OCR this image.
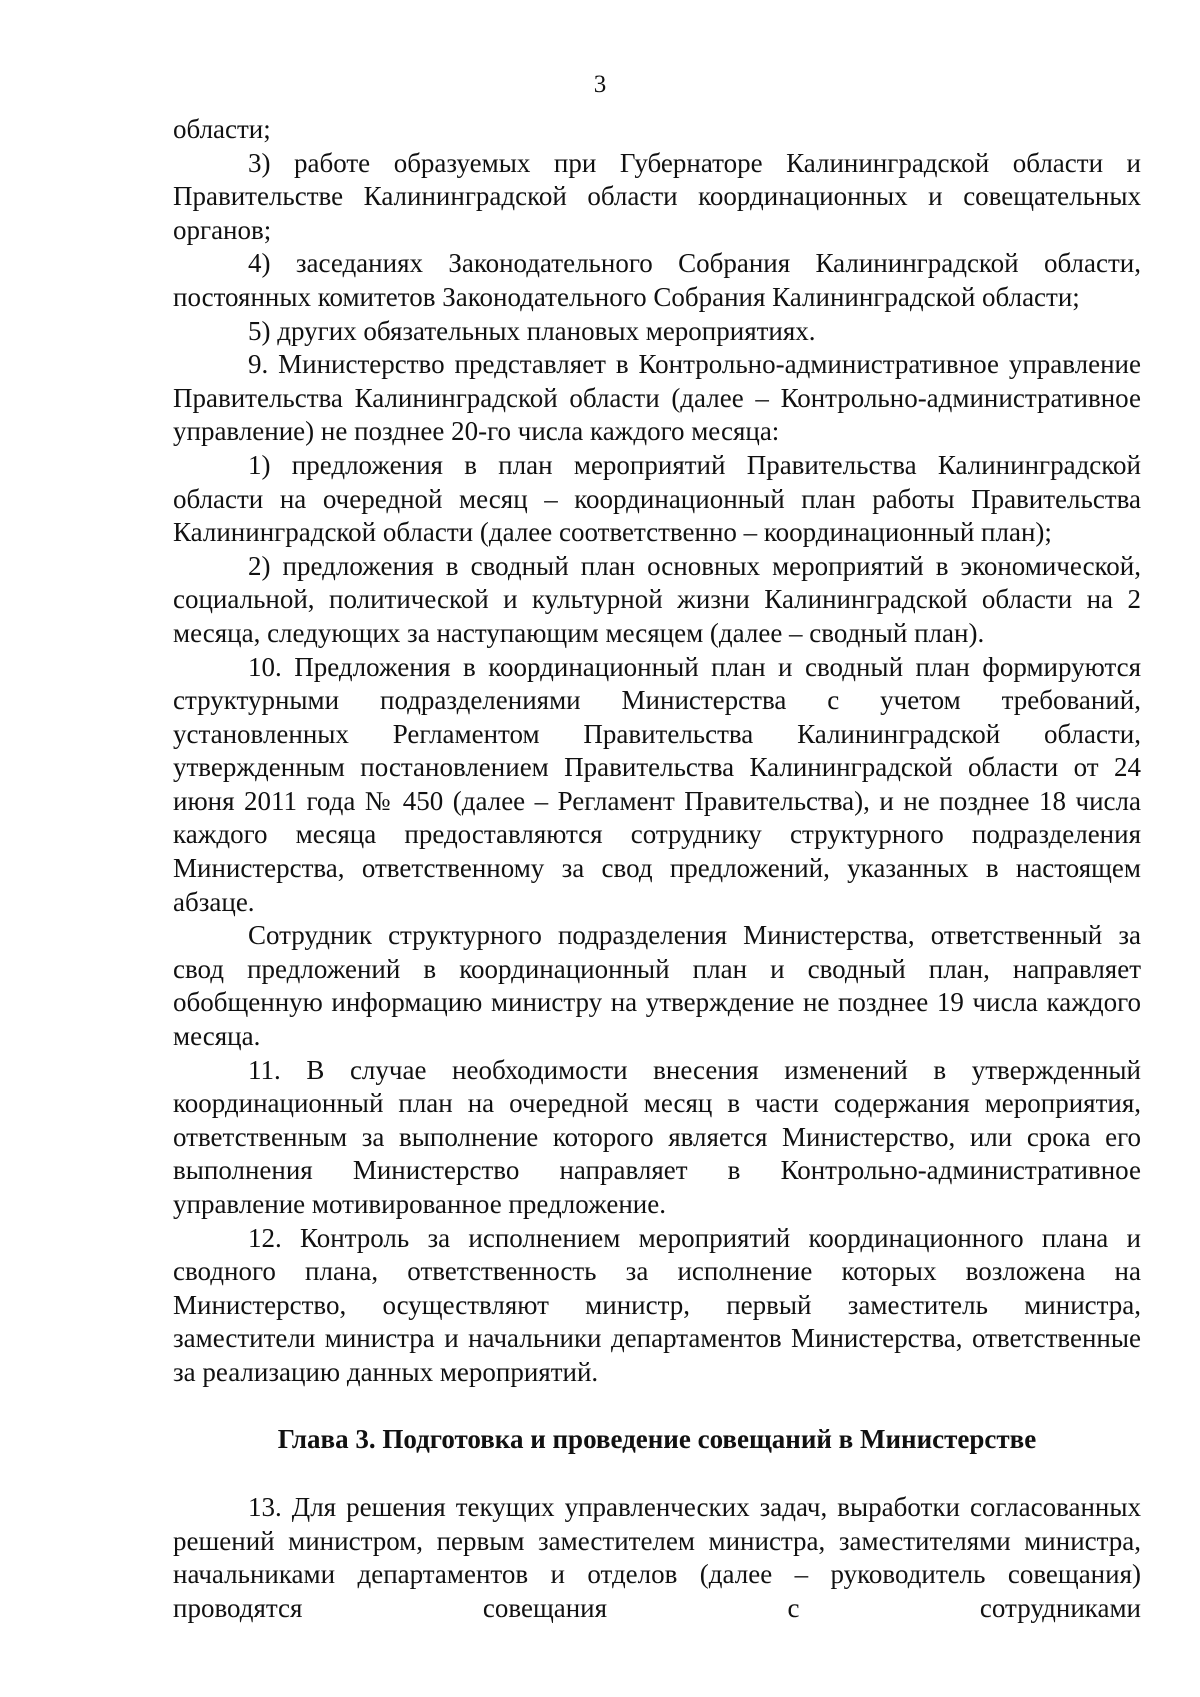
3

области;

3) работе образуемых при Губернаторе Калининградской области и Правительстве Калининградской области координационных и совещательных органов;

4) заседаниях Законодательного Собрания Калининградской области, постоянных комитетов Законодательного Собрания Калининградской области;

5) других обязательных плановых мероприятиях.

9. Министерство представляет в Контрольно-административное управление Правительства Калининградской области (далее – Контрольно-административное управление) не позднее 20-го числа каждого месяца:

1) предложения в план мероприятий Правительства Калининградской области на очередной месяц – координационный план работы Правительства Калининградской области (далее соответственно – координационный план);

2) предложения в сводный план основных мероприятий в экономической, социальной, политической и культурной жизни Калининградской области на 2 месяца, следующих за наступающим месяцем (далее – сводный план).

10. Предложения в координационный план и сводный план формируются структурными подразделениями Министерства с учетом требований, установленных Регламентом Правительства Калининградской области, утвержденным постановлением Правительства Калининградской области от 24 июня 2011 года № 450 (далее – Регламент Правительства), и не позднее 18 числа каждого месяца предоставляются сотруднику структурного подразделения Министерства, ответственному за свод предложений, указанных в настоящем абзаце.

Сотрудник структурного подразделения Министерства, ответственный за свод предложений в координационный план и сводный план, направляет обобщенную информацию министру на утверждение не позднее 19 числа каждого месяца.

11. В случае необходимости внесения изменений в утвержденный координационный план на очередной месяц в части содержания мероприятия, ответственным за выполнение которого является Министерство, или срока его выполнения Министерство направляет в Контрольно-административное управление мотивированное предложение.

12. Контроль за исполнением мероприятий координационного плана и сводного плана, ответственность за исполнение которых возложена на Министерство, осуществляют министр, первый заместитель министра, заместители министра и начальники департаментов Министерства, ответственные за реализацию данных мероприятий.

Глава 3. Подготовка и проведение совещаний в Министерстве

13. Для решения текущих управленческих задач, выработки согласованных решений министром, первым заместителем министра, заместителями министра, начальниками департаментов и отделов (далее – руководитель совещания) проводятся совещания с сотрудниками
